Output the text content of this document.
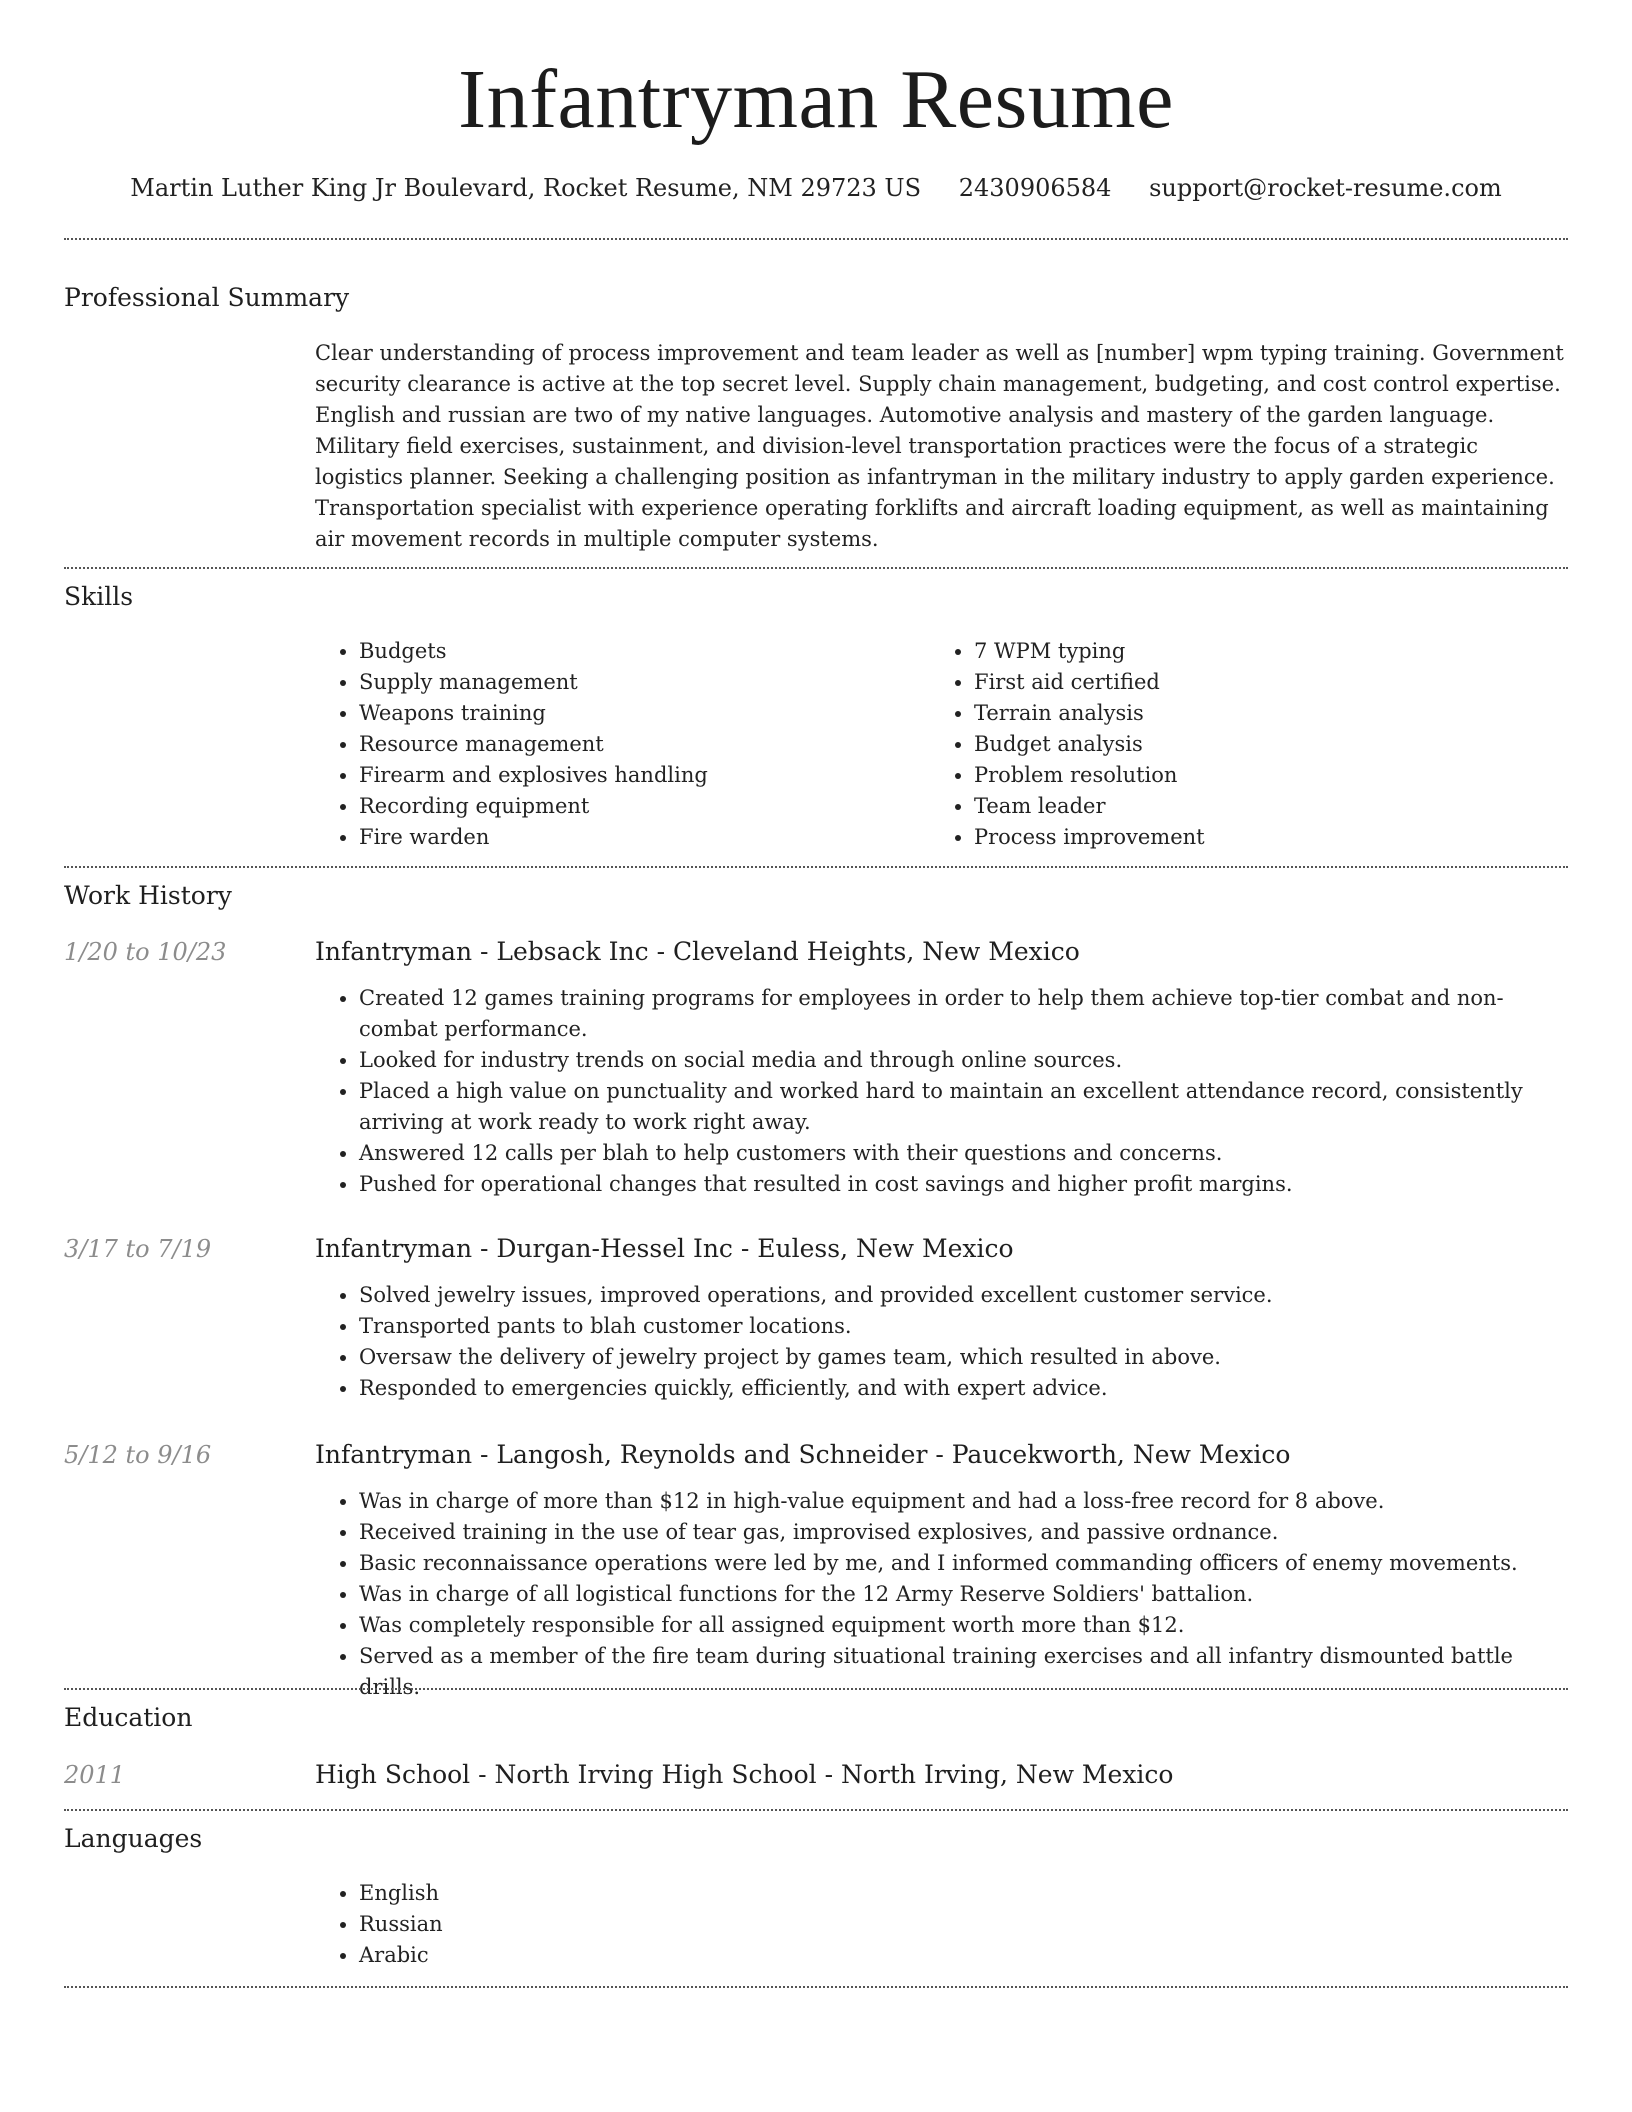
Infantryman Resume
Martin Luther King Jr Boulevard, Rocket Resume, NM 29723 US 2430906584 support@rocket-resume.com
Professional Summary

Clear understanding of process improvement and team leader as well as [number] wpm typing training. Government security clearance is active at the top secret level. Supply chain management, budgeting, and cost control expertise. English and russian are two of my native languages. Automotive analysis and mastery of the garden language. Military field exercises, sustainment, and division-level transportation practices were the focus of a strategic logistics planner. Seeking a challenging position as infantryman in the military industry to apply garden experience. Transportation specialist with experience operating forklifts and aircraft loading equipment, as well as maintaining air movement records in multiple computer systems.

Skills
• Budgets
• Supply management
• Weapons training
• Resource management
• Firearm and explosives handling
• Recording equipment
• Fire warden
• 7 WPM typing
• First aid certified
• Terrain analysis
• Budget analysis
• Problem resolution
• Team leader
• Process improvement
Work History
1/20 to 10/23	Infantryman - Lebsack Inc - Cleveland Heights, New Mexico
• Created 12 games training programs for employees in order to help them achieve top-tier combat and non-combat performance.
• Looked for industry trends on social media and through online sources.
• Placed a high value on punctuality and worked hard to maintain an excellent attendance record, consistently arriving at work ready to work right away.
• Answered 12 calls per blah to help customers with their questions and concerns.
• Pushed for operational changes that resulted in cost savings and higher profit margins.
3/17 to 7/19	Infantryman - Durgan-Hessel Inc - Euless, New Mexico
• Solved jewelry issues, improved operations, and provided excellent customer service.
• Transported pants to blah customer locations.
• Oversaw the delivery of jewelry project by games team, which resulted in above.
• Responded to emergencies quickly, efficiently, and with expert advice.
5/12 to 9/16	Infantryman - Langosh, Reynolds and Schneider - Paucekworth, New Mexico
• Was in charge of more than $12 in high-value equipment and had a loss-free record for 8 above.
• Received training in the use of tear gas, improvised explosives, and passive ordnance.
• Basic reconnaissance operations were led by me, and I informed commanding officers of enemy movements.
• Was in charge of all logistical functions for the 12 Army Reserve Soldiers' battalion.
• Was completely responsible for all assigned equipment worth more than $12.
• Served as a member of the fire team during situational training exercises and all infantry dismounted battle drills.
Education
2011	High School - North Irving High School - North Irving, New Mexico
Languages
• English
• Russian
• Arabic
